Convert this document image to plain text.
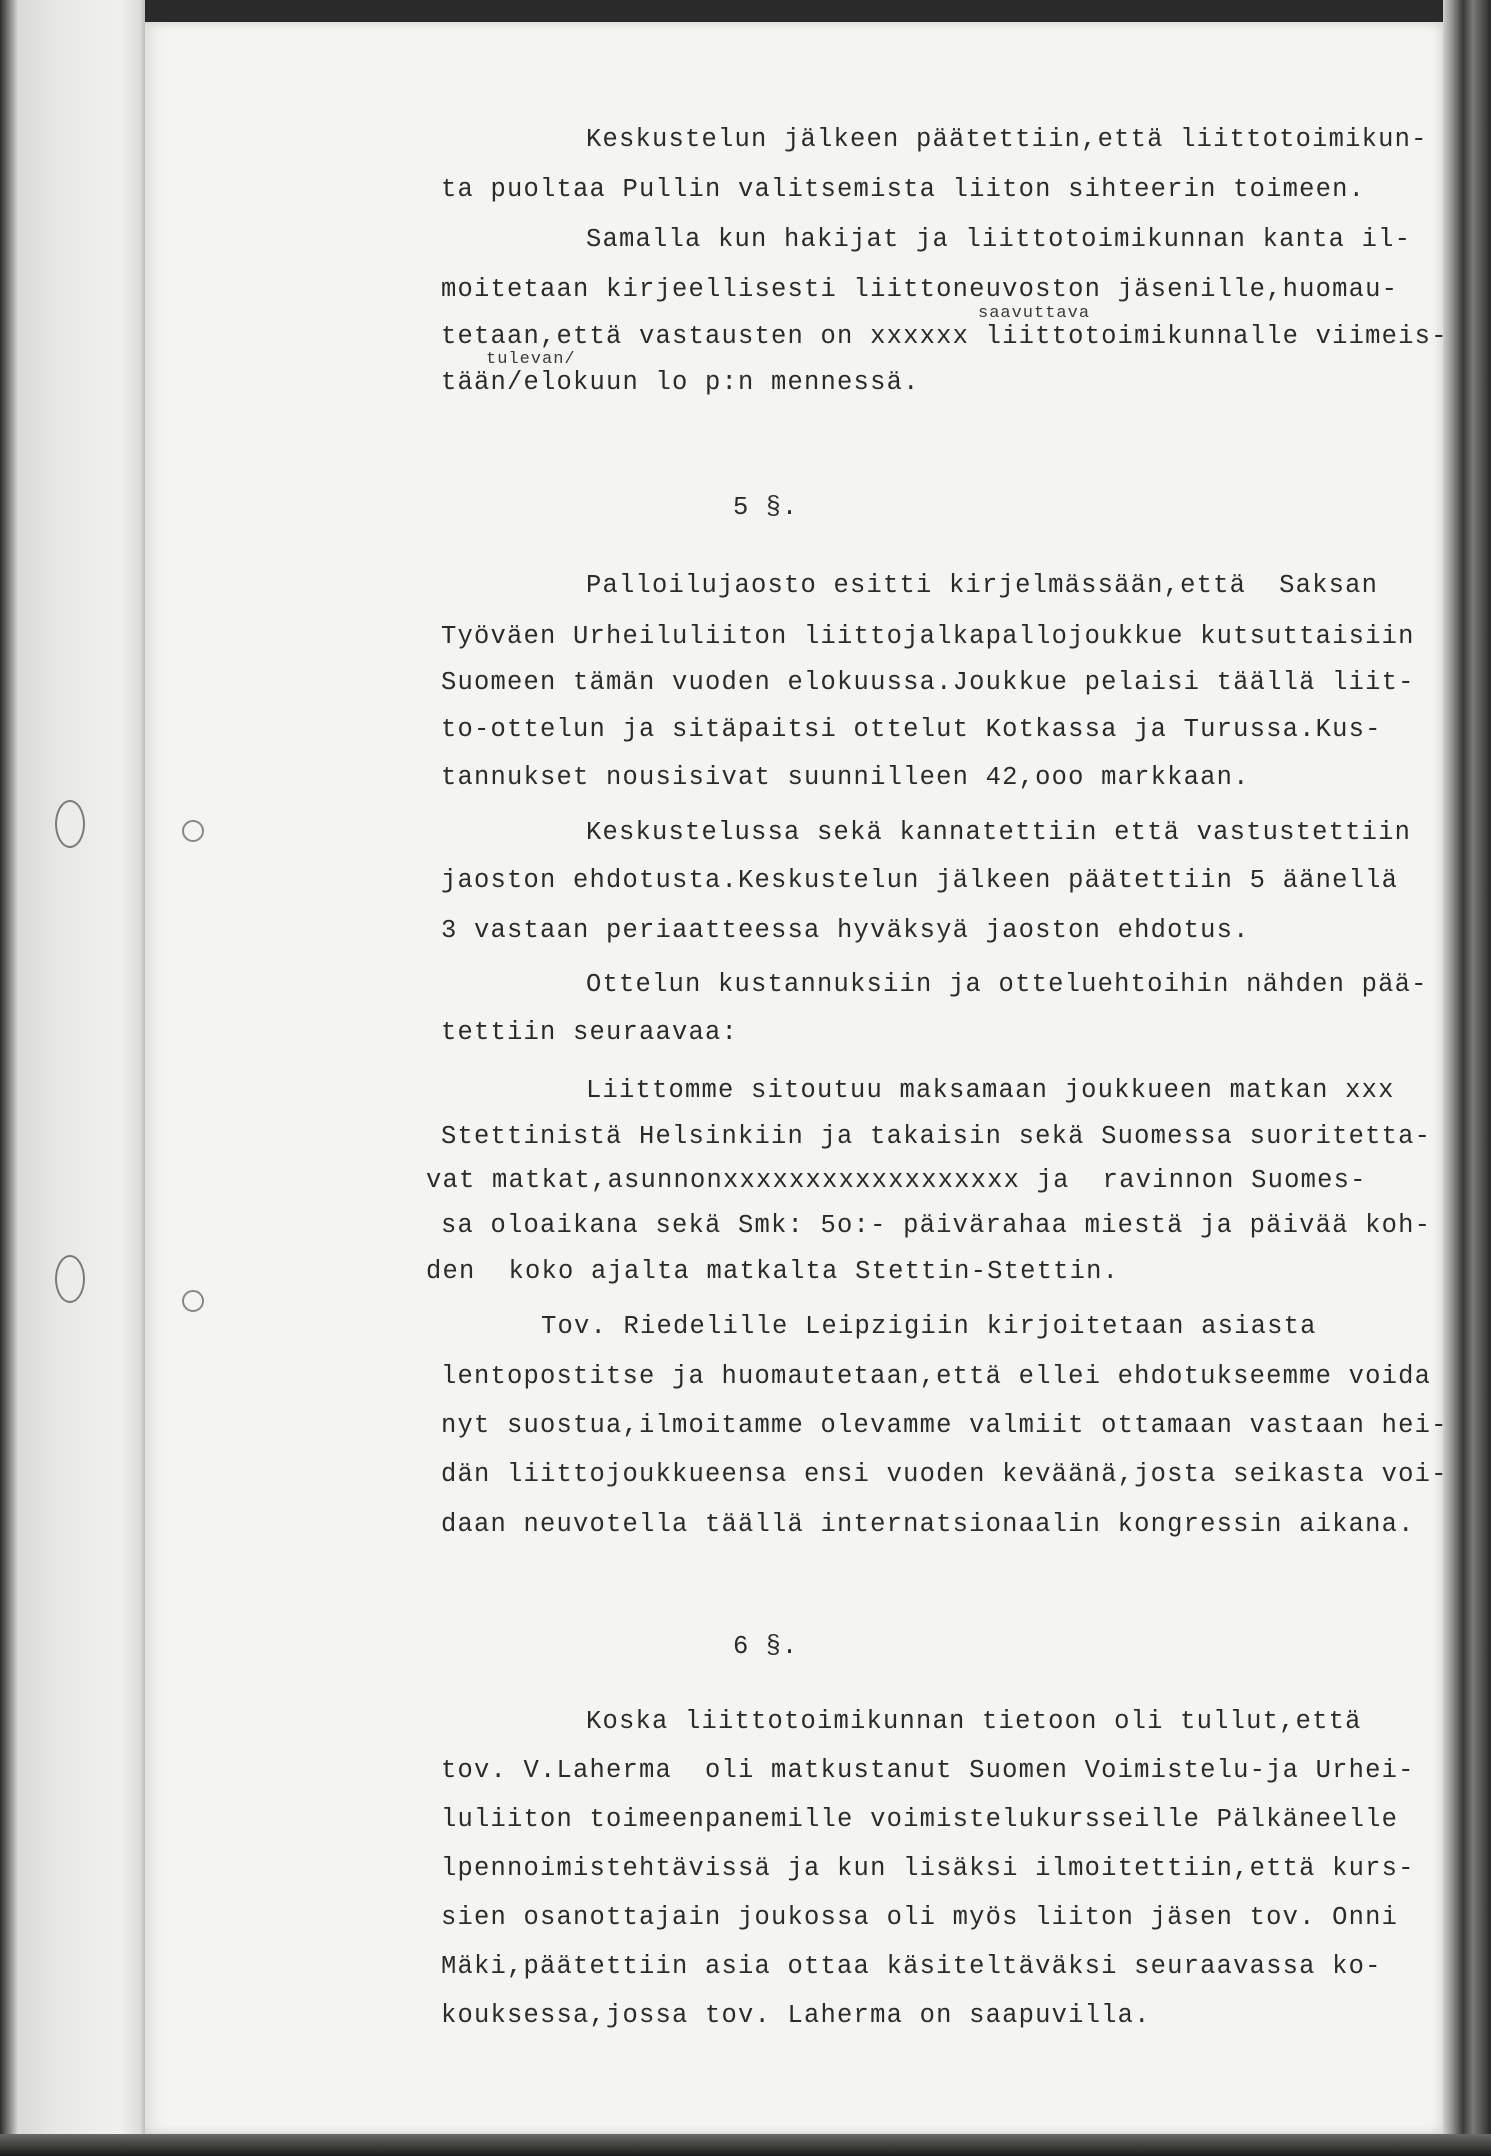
Keskustelun jälkeen päätettiin,että liittotoimikun-
ta puoltaa Pullin valitsemista liiton sihteerin toimeen.
Samalla kun hakijat ja liittotoimikunnan kanta il-
moitetaan kirjeellisesti liittoneuvoston jäsenille,huomau-
saavuttava
tetaan,että vastausten on xxxxxx liittotoimikunnalle viimeis-
tulevan/
tään/elokuun lo p:n mennessä.
5 §.
Palloilujaosto esitti kirjelmässään,että  Saksan
Työväen Urheiluliiton liittojalkapallojoukkue kutsuttaisiin
Suomeen tämän vuoden elokuussa.Joukkue pelaisi täällä liit-
to-ottelun ja sitäpaitsi ottelut Kotkassa ja Turussa.Kus-
tannukset nousisivat suunnilleen 42,ooo markkaan.
Keskustelussa sekä kannatettiin että vastustettiin
jaoston ehdotusta.Keskustelun jälkeen päätettiin 5 äänellä
3 vastaan periaatteessa hyväksyä jaoston ehdotus.
Ottelun kustannuksiin ja otteluehtoihin nähden pää-
tettiin seuraavaa:
Liittomme sitoutuu maksamaan joukkueen matkan xxx
Stettinistä Helsinkiin ja takaisin sekä Suomessa suoritetta-
vat matkat,asunnonxxxxxxxxxxxxxxxxxx ja  ravinnon Suomes-
sa oloaikana sekä Smk: 5o:- päivärahaa miestä ja päivää koh-
den  koko ajalta matkalta Stettin-Stettin.
Tov. Riedelille Leipzigiin kirjoitetaan asiasta
lentopostitse ja huomautetaan,että ellei ehdotukseemme voida
nyt suostua,ilmoitamme olevamme valmiit ottamaan vastaan hei-
dän liittojoukkueensa ensi vuoden keväänä,josta seikasta voi-
daan neuvotella täällä internatsionaalin kongressin aikana.
6 §.
Koska liittotoimikunnan tietoon oli tullut,että
tov. V.Laherma  oli matkustanut Suomen Voimistelu-ja Urhei-
luliiton toimeenpanemille voimistelukursseille Pälkäneelle
lpennoimistehtävissä ja kun lisäksi ilmoitettiin,että kurs-
sien osanottajain joukossa oli myös liiton jäsen tov. Onni
Mäki,päätettiin asia ottaa käsiteltäväksi seuraavassa ko-
kouksessa,jossa tov. Laherma on saapuvilla.
